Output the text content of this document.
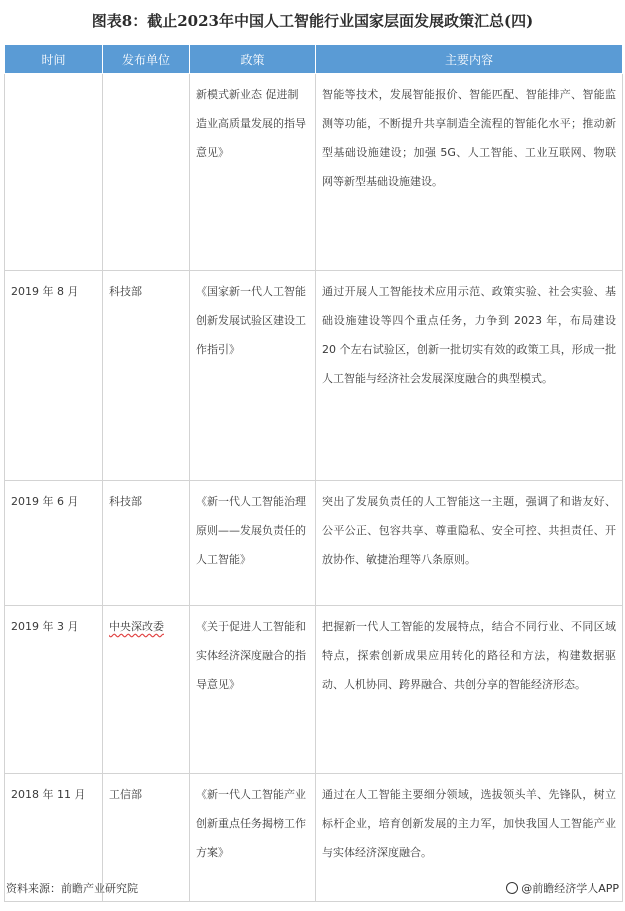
图表8：截止2023年中国人工智能行业国家层面发展政策汇总(四)
时间	发布单位	政策	主要内容
		新模式新业态 促进制造业高质量发展的指导意见》	智能等技术，发展智能报价、智能匹配、智能排产、智能监测等功能，不断提升共享制造全流程的智能化水平；推动新型基础设施建设；加强 5G、人工智能、工业互联网、物联网等新型基础设施建设。
2019 年 8 月	科技部	《国家新一代人工智能创新发展试验区建设工作指引》	通过开展人工智能技术应用示范、政策实验、社会实验、基础设施建设等四个重点任务，力争到 2023 年，布局建设 20 个左右试验区，创新一批切实有效的政策工具，形成一批人工智能与经济社会发展深度融合的典型模式。
2019 年 6 月	科技部	《新一代人工智能治理原则——发展负责任的人工智能》	突出了发展负责任的人工智能这一主题，强调了和谐友好、公平公正、包容共享、尊重隐私、安全可控、共担责任、开放协作、敏捷治理等八条原则。
2019 年 3 月	中央深改委	《关于促进人工智能和实体经济深度融合的指导意见》	把握新一代人工智能的发展特点，结合不同行业、不同区域特点，探索创新成果应用转化的路径和方法，构建数据驱动、人机协同、跨界融合、共创分享的智能经济形态。
2018 年 11 月	工信部	《新一代人工智能产业创新重点任务揭榜工作方案》	通过在人工智能主要细分领域，选拔领头羊、先锋队，树立标杆企业，培育创新发展的主力军，加快我国人工智能产业与实体经济深度融合。
资料来源：前瞻产业研究院	@前瞻经济学人APP
